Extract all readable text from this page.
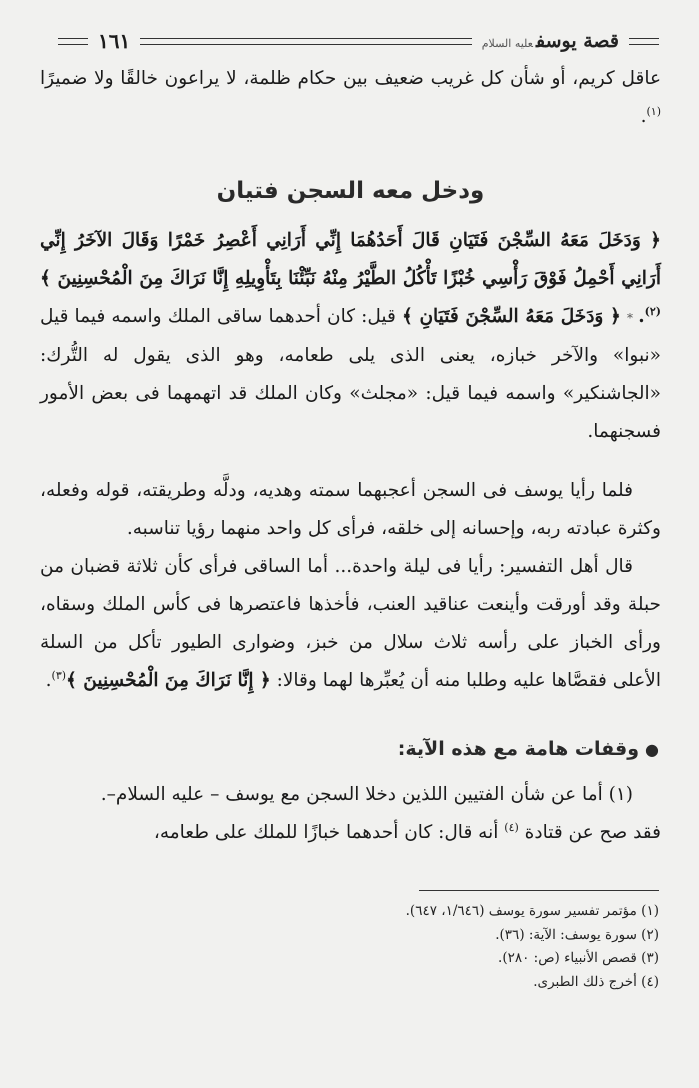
قصة يوسفعليه السلام
١٦١

عاقل كريم، أو شأن كل غريب ضعيف بين حكام ظلمة، لا يراعون خالقًا ولا ضميرًا $^{(١)}$.

ودخل معه السجن فتيان

﴿ وَدَخَلَ مَعَهُ السِّجْنَ فَتَيَانِ قَالَ أَحَدُهُمَا إِنِّي أَرَانِي أَعْصِرُ خَمْرًا وَقَالَ الآخَرُ إِنِّي أَرَانِي أَحْمِلُ فَوْقَ رَأْسِي خُبْزًا تَأْكُلُ الطَّيْرُ مِنْهُ نَبِّئْنَا بِتَأْوِيلِهِ إِنَّا نَرَاكَ مِنَ الْمُحْسِنِينَ ﴾$^{(٢)}$.

* ﴿ وَدَخَلَ مَعَهُ السِّجْنَ فَتَيَانِ ﴾ قيل: كان أحدهما ساقى الملك واسمه فيما قيل «نبوا» والآخر خبازه، يعنى الذى يلى طعامه، وهو الذى يقول له التُّرك: «الجاشنكير» واسمه فيما قيل: «مجلث» وكان الملك قد اتهمهما فى بعض الأمور فسجنهما.

فلما رأيا يوسف فى السجن أعجبهما سمته وهديه، ودلَّه وطريقته، قوله وفعله، وكثرة عبادته ربه، وإحسانه إلى خلقه، فرأى كل واحد منهما رؤيا تناسبه.

قال أهل التفسير: رأيا فى ليلة واحدة... أما الساقى فرأى كأن ثلاثة قضبان من حبلة وقد أورقت وأينعت عناقيد العنب، فأخذها فاعتصرها فى كأس الملك وسقاه، ورأى الخباز على رأسه ثلاث سلال من خبز، وضوارى الطيور تأكل من السلة الأعلى فقصَّاها عليه وطلبا منه أن يُعبِّرها لهما وقالا: ﴿ إِنَّا نَرَاكَ مِنَ الْمُحْسِنِينَ ﴾$^{(٣)}$.

●وقفات هامة مع هذه الآية:

(١) أما عن شأن الفتيين اللذين دخلا السجن مع يوسف – عليه السلام–.

فقد صح عن قتادة $^{(٤)}$ أنه قال: كان أحدهما خبازًا للملك على طعامه،

(١) مؤتمر تفسير سورة يوسف (١/٦٤٦، ٦٤٧).

(٢) سورة يوسف: الآية: (٣٦).

(٣) قصص الأنبياء (ص: ٢٨٠).

(٤) أخرج ذلك الطبرى.
